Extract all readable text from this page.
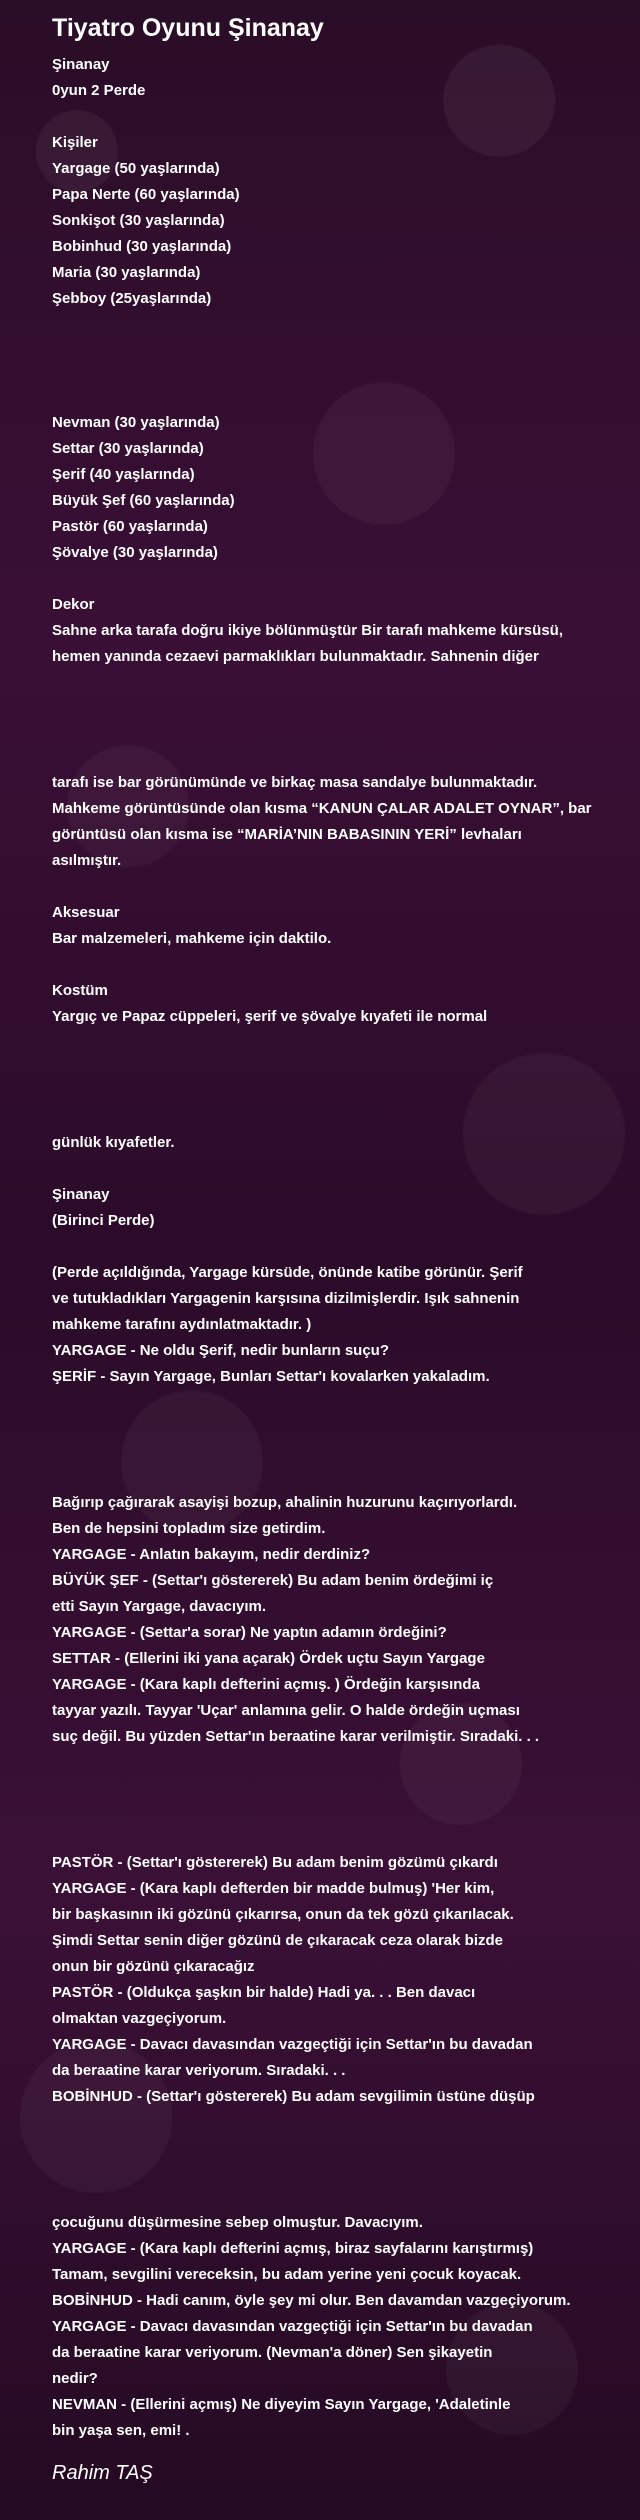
Tiyatro Oyunu Şinanay
Şinanay
0yun 2 Perde
Kişiler
Yargage (50 yaşlarında)
Papa Nerte (60 yaşlarında)
Sonkişot (30 yaşlarında)
Bobinhud (30 yaşlarında)
Maria (30 yaşlarında)
Şebboy (25yaşlarında)
Nevman (30 yaşlarında)
Settar (30 yaşlarında)
Şerif (40 yaşlarında)
Büyük Şef (60 yaşlarında)
Pastör (60 yaşlarında)
Şövalye (30 yaşlarında)
Dekor
Sahne arka tarafa doğru ikiye bölünmüştür Bir tarafı mahkeme kürsüsü,
hemen yanında cezaevi parmaklıkları bulunmaktadır. Sahnenin diğer
tarafı ise bar görünümünde ve birkaç masa sandalye bulunmaktadır.
Mahkeme görüntüsünde olan kısma “KANUN ÇALAR ADALET OYNAR”, bar
görüntüsü olan kısma ise “MARİA’NIN BABASININ YERİ” levhaları
asılmıştır.
Aksesuar
Bar malzemeleri, mahkeme için daktilo.
Kostüm
Yargıç ve Papaz cüppeleri, şerif ve şövalye kıyafeti ile normal
günlük kıyafetler.
Şinanay
(Birinci Perde)
(Perde açıldığında, Yargage kürsüde, önünde katibe görünür. Şerif
ve tutukladıkları Yargagenin karşısına dizilmişlerdir. Işık sahnenin
mahkeme tarafını aydınlatmaktadır. )
YARGAGE - Ne oldu Şerif, nedir bunların suçu?
ŞERİF - Sayın Yargage, Bunları Settar'ı kovalarken yakaladım.
Bağırıp çağırarak asayişi bozup, ahalinin huzurunu kaçırıyorlardı.
Ben de hepsini topladım size getirdim.
YARGAGE - Anlatın bakayım, nedir derdiniz?
BÜYÜK ŞEF - (Settar'ı göstererek) Bu adam benim ördeğimi iç
etti Sayın Yargage, davacıyım.
YARGAGE - (Settar'a sorar) Ne yaptın adamın ördeğini?
SETTAR - (Ellerini iki yana açarak) Ördek uçtu Sayın Yargage
YARGAGE - (Kara kaplı defterini açmış. ) Ördeğin karşısında
tayyar yazılı. Tayyar 'Uçar' anlamına gelir. O halde ördeğin uçması
suç değil. Bu yüzden Settar'ın beraatine karar verilmiştir. Sıradaki. . .
PASTÖR - (Settar'ı göstererek) Bu adam benim gözümü çıkardı
YARGAGE - (Kara kaplı defterden bir madde bulmuş) 'Her kim,
bir başkasının iki gözünü çıkarırsa, onun da tek gözü çıkarılacak.
Şimdi Settar senin diğer gözünü de çıkaracak ceza olarak bizde
onun bir gözünü çıkaracağız
PASTÖR - (Oldukça şaşkın bir halde) Hadi ya. . . Ben davacı
olmaktan vazgeçiyorum.
YARGAGE - Davacı davasından vazgeçtiği için Settar'ın bu davadan
da beraatine karar veriyorum. Sıradaki. . .
BOBİNHUD - (Settar'ı göstererek) Bu adam sevgilimin üstüne düşüp
çocuğunu düşürmesine sebep olmuştur. Davacıyım.
YARGAGE - (Kara kaplı defterini açmış, biraz sayfalarını karıştırmış)
Tamam, sevgilini vereceksin, bu adam yerine yeni çocuk koyacak.
BOBİNHUD - Hadi canım, öyle şey mi olur. Ben davamdan vazgeçiyorum.
YARGAGE - Davacı davasından vazgeçtiği için Settar'ın bu davadan
da beraatine karar veriyorum. (Nevman'a döner) Sen şikayetin
nedir?
NEVMAN - (Ellerini açmış) Ne diyeyim Sayın Yargage, 'Adaletinle
bin yaşa sen, emi! .
Rahim TAŞ
